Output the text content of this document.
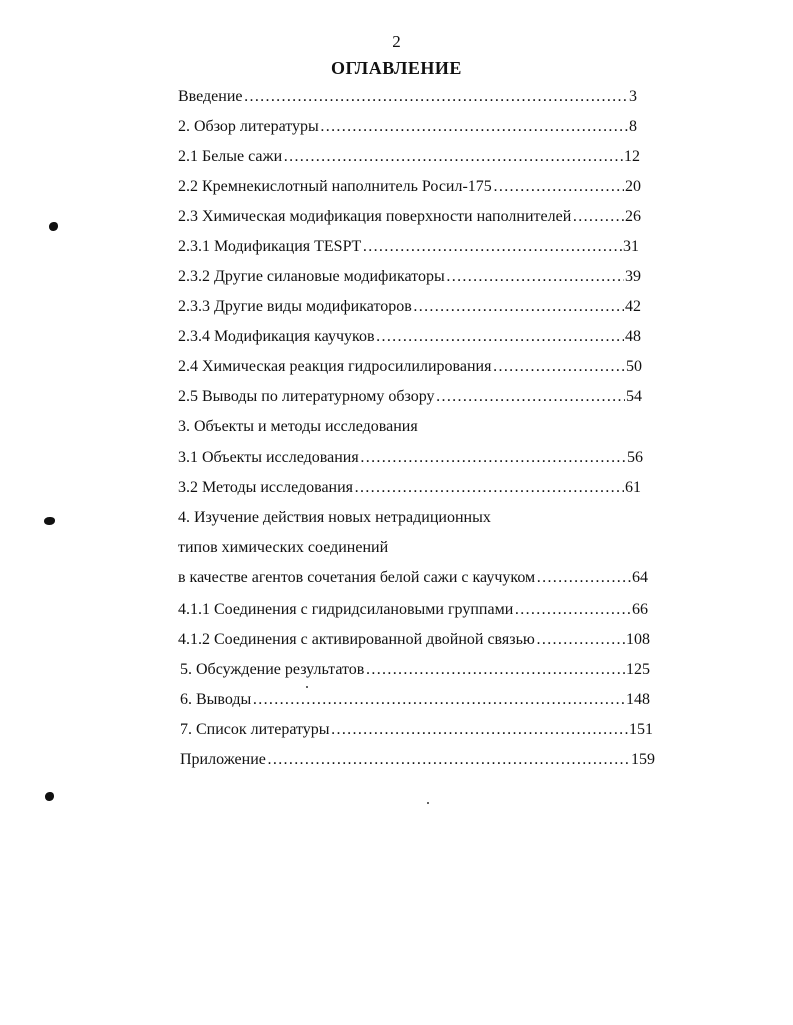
2
ОГЛАВЛЕНИЕ
Введение …………………………………………………………………………………………………………	3
2. Обзор литературы …………………………………………………………………………………………………………	8
2.1 Белые сажи …………………………………………………………………………………………………………	12
2.2 Кремнекислотный наполнитель Росил-175 …………………………………………………………………………………………………………	20
2.3 Химическая модификация поверхности наполнителей …………………………………………………………………………………………………………	26
2.3.1 Модификация TESPT …………………………………………………………………………………………………………	31
2.3.2 Другие силановые модификаторы …………………………………………………………………………………………………………	39
2.3.3 Другие виды модификаторов …………………………………………………………………………………………………………	42
2.3.4 Модификация каучуков …………………………………………………………………………………………………………	48
2.4 Химическая реакция гидросилилирования …………………………………………………………………………………………………………	50
2.5 Выводы по литературному обзору …………………………………………………………………………………………………………	54
3. Объекты и методы исследования
3.1 Объекты исследования …………………………………………………………………………………………………………	56
3.2 Методы исследования …………………………………………………………………………………………………………	61
4. Изучение действия новых нетрадиционных
типов химических соединений
в качестве агентов сочетания белой сажи с каучуком …………………………………………………………………………………………………………	64
4.1.1 Соединения с гидридсилановыми группами …………………………………………………………………………………………………………	66
4.1.2 Соединения с активированной двойной связью …………………………………………………………………………………………………………	108
5. Обсуждение результатов …………………………………………………………………………………………………………	125
6. Выводы …………………………………………………………………………………………………………	148
7. Список литературы …………………………………………………………………………………………………………	151
Приложение …………………………………………………………………………………………………………	159
